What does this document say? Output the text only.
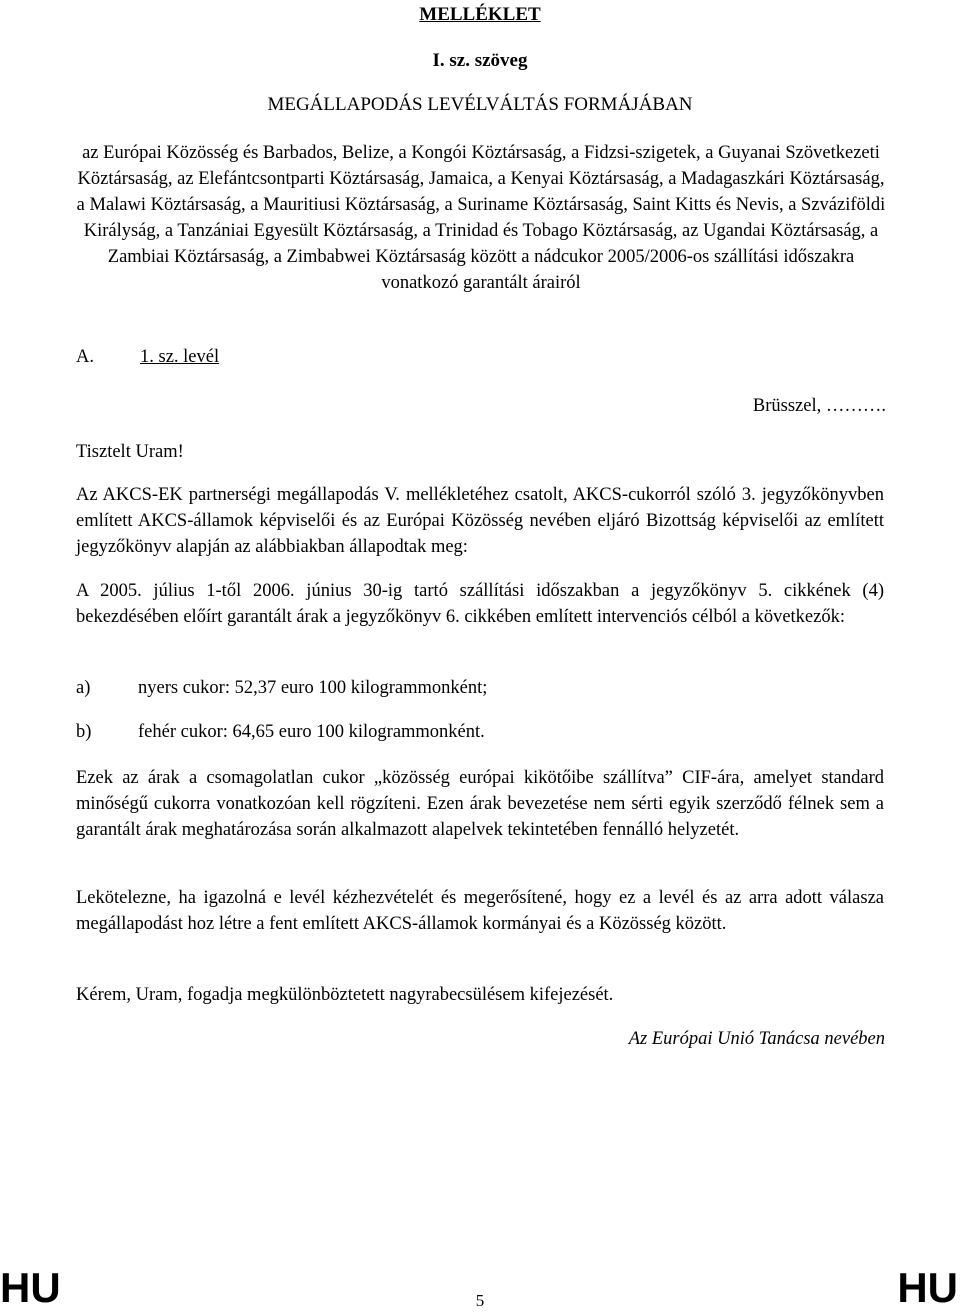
MELLÉKLET
I. sz. szöveg
MEGÁLLAPODÁS LEVÉLVÁLTÁS FORMÁJÁBAN
az Európai Közösség és Barbados, Belize, a Kongói Köztársaság, a Fidzsi-szigetek, a Guyanai Szövetkezeti Köztársaság, az Elefántcsontparti Köztársaság, Jamaica, a Kenyai Köztársaság, a Madagaszkári Köztársaság, a Malawi Köztársaság, a Mauritiusi Köztársaság, a Suriname Köztársaság, Saint Kitts és Nevis, a Szváziföldi Királyság, a Tanzániai Egyesült Köztársaság, a Trinidad és Tobago Köztársaság, az Ugandai Köztársaság, a Zambiai Köztársaság, a Zimbabwei Köztársaság között a nádcukor 2005/2006-os szállítási időszakra vonatkozó garantált árairól
A. 1. sz. levél
Brüsszel, ……….
Tisztelt Uram!
Az AKCS-EK partnerségi megállapodás V. mellékletéhez csatolt, AKCS-cukorról szóló 3. jegyzőkönyvben említett AKCS-államok képviselői és az Európai Közösség nevében eljáró Bizottság képviselői az említett jegyzőkönyv alapján az alábbiakban állapodtak meg:
A 2005. július 1-től 2006. június 30-ig tartó szállítási időszakban a jegyzőkönyv 5. cikkének (4) bekezdésében előírt garantált árak a jegyzőkönyv 6. cikkében említett intervenciós célból a következők:
a)	nyers cukor: 52,37 euro 100 kilogrammonként;
b)	fehér cukor: 64,65 euro 100 kilogrammonként.
Ezek az árak a csomagolatlan cukor „közösség európai kikötőibe szállítva” CIF-ára, amelyet standard minőségű cukorra vonatkozóan kell rögzíteni. Ezen árak bevezetése nem sérti egyik szerződő félnek sem a garantált árak meghatározása során alkalmazott alapelvek tekintetében fennálló helyzetét.
Lekötelezne, ha igazolná e levél kézhezvételét és megerősítené, hogy ez a levél és az arra adott válasza megállapodást hoz létre a fent említett AKCS-államok kormányai és a Közösség között.
Kérem, Uram, fogadja megkülönböztetett nagyrabecsülésem kifejezését.
Az Európai Unió Tanácsa nevében
HU	HU
5
